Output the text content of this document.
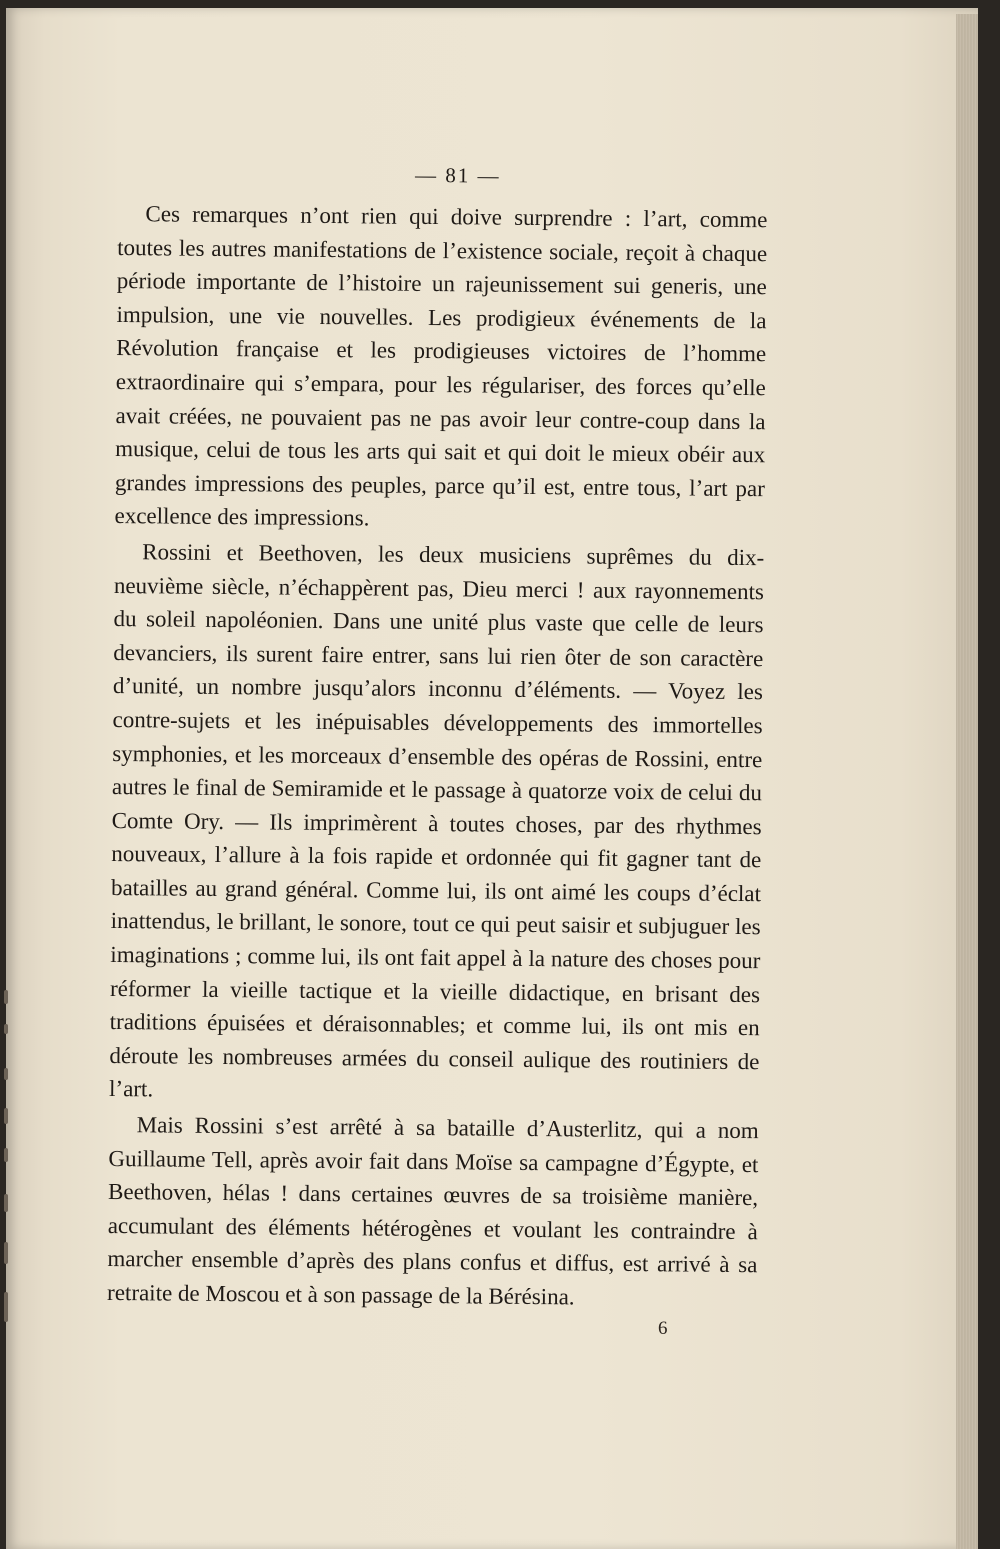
— 81 —

Ces remarques n’ont rien qui doive surprendre : l’art, comme toutes les autres manifestations de l’existence sociale, reçoit à chaque période importante de l’histoire un rajeunissement sui generis, une impulsion, une vie nouvelles. Les prodigieux événements de la Révolution française et les prodigieuses victoires de l’homme extraordinaire qui s’empara, pour les régulariser, des forces qu’elle avait créées, ne pouvaient pas ne pas avoir leur contre-coup dans la musique, celui de tous les arts qui sait et qui doit le mieux obéir aux grandes impressions des peuples, parce qu’il est, entre tous, l’art par excellence des impressions.

Rossini et Beethoven, les deux musiciens suprêmes du dix-neuvième siècle, n’échappèrent pas, Dieu merci ! aux rayonnements du soleil napoléonien. Dans une unité plus vaste que celle de leurs devanciers, ils surent faire entrer, sans lui rien ôter de son caractère d’unité, un nombre jusqu’alors inconnu d’éléments. — Voyez les contre-sujets et les inépuisables développements des immortelles symphonies, et les morceaux d’ensemble des opéras de Rossini, entre autres le final de Semiramide et le passage à quatorze voix de celui du Comte Ory. — Ils imprimèrent à toutes choses, par des rhythmes nouveaux, l’allure à la fois rapide et ordonnée qui fit gagner tant de batailles au grand général. Comme lui, ils ont aimé les coups d’éclat inattendus, le brillant, le sonore, tout ce qui peut saisir et subjuguer les imaginations ; comme lui, ils ont fait appel à la nature des choses pour réformer la vieille tactique et la vieille didactique, en brisant des traditions épuisées et déraisonnables; et comme lui, ils ont mis en déroute les nombreuses armées du conseil aulique des routiniers de l’art.

Mais Rossini s’est arrêté à sa bataille d’Austerlitz, qui a nom Guillaume Tell, après avoir fait dans Moïse sa campagne d’Égypte, et Beethoven, hélas ! dans certaines œuvres de sa troisième manière, accumulant des éléments hétérogènes et voulant les contraindre à marcher ensemble d’après des plans confus et diffus, est arrivé à sa retraite de Moscou et à son passage de la Bérésina.

6
